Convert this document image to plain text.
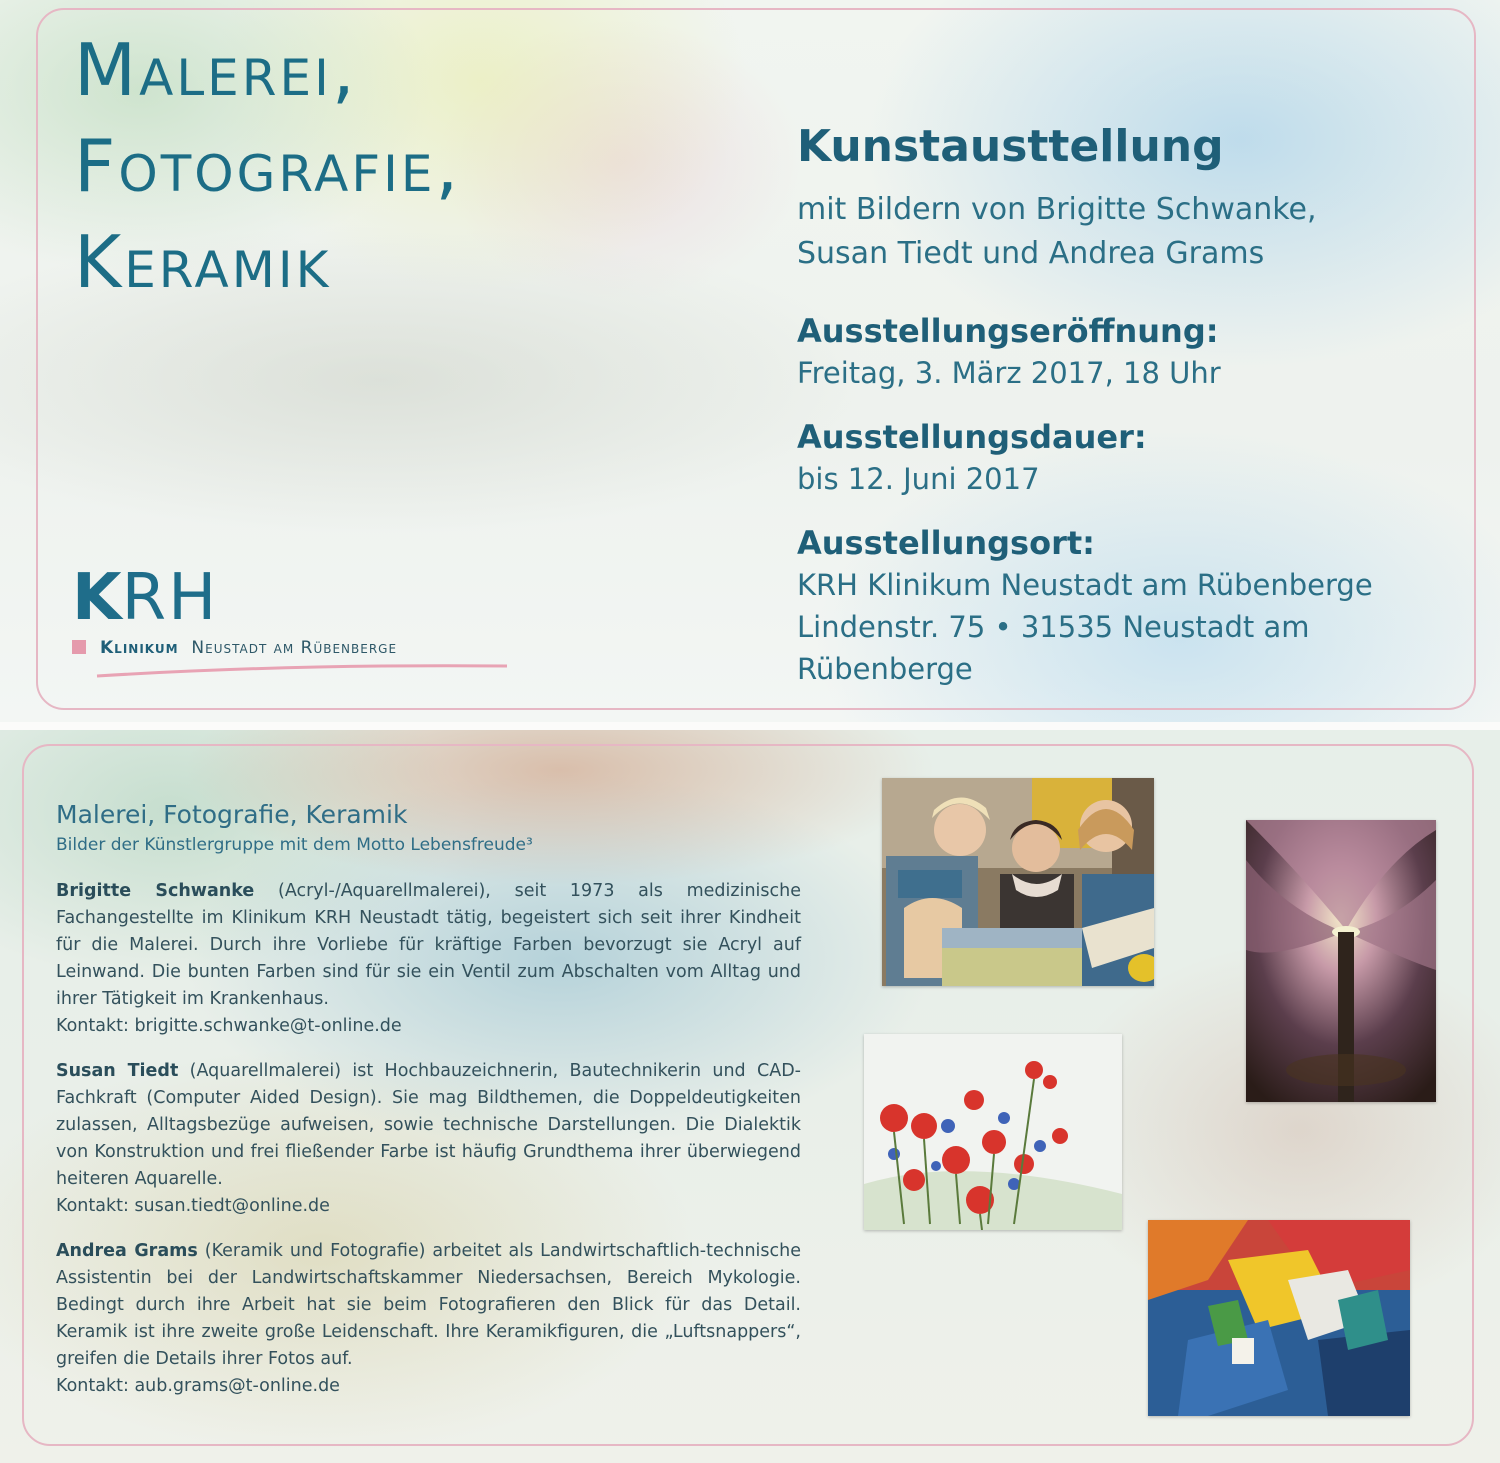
Malerei,
Fotografie,
Keramik
Kunstausttellung
mit Bildern von Brigitte Schwanke,
Susan Tiedt und Andrea Grams
Ausstellungseröffnung:
Freitag, 3. März 2017, 18 Uhr
Ausstellungsdauer:
bis 12. Juni 2017
Ausstellungsort:
KRH Klinikum Neustadt am Rübenberge
Lindenstr. 75 • 31535 Neustadt am Rübenberge
KRH
Klinikum Neustadt am Rübenberge
Malerei, Fotografie, Keramik
Bilder der Künstlergruppe mit dem Motto Lebensfreude³
Brigitte Schwanke (Acryl-/Aquarellmalerei), seit 1973 als medizinische Fachangestellte im Klinikum KRH Neustadt tätig, begeistert sich seit ihrer Kindheit für die Malerei. Durch ihre Vorliebe für kräftige Farben bevorzugt sie Acryl auf Leinwand. Die bunten Farben sind für sie ein Ventil zum Abschalten vom Alltag und ihrer Tätigkeit im Krankenhaus.
Kontakt: brigitte.schwanke@t-online.de
Susan Tiedt (Aquarellmalerei) ist Hochbauzeichnerin, Bautechnikerin und CAD-Fachkraft (Computer Aided Design). Sie mag Bildthemen, die Doppeldeutigkeiten zulassen, Alltagsbezüge aufweisen, sowie technische Darstellungen. Die Dialektik von Konstruktion und frei fließender Farbe ist häufig Grundthema ihrer überwiegend heiteren Aquarelle.
Kontakt: susan.tiedt@online.de
Andrea Grams (Keramik und Fotografie) arbeitet als Landwirtschaftlich-technische Assistentin bei der Landwirtschaftskammer Niedersachsen, Bereich Mykologie. Bedingt durch ihre Arbeit hat sie beim Fotografieren den Blick für das Detail. Keramik ist ihre zweite große Leidenschaft. Ihre Keramikfiguren, die „Luftsnappers“, greifen die Details ihrer Fotos auf.
Kontakt: aub.grams@t-online.de
